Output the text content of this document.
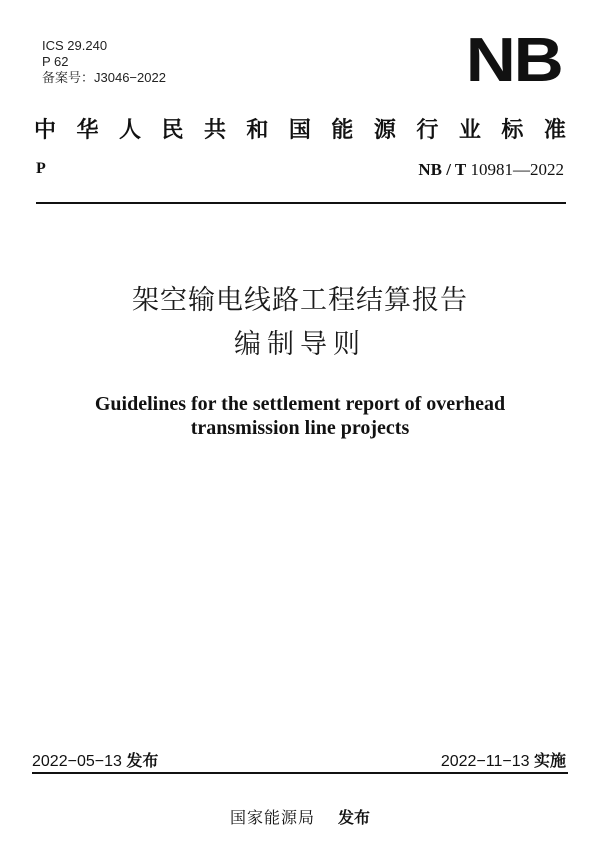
ICS 29.240
P 62
备案号：J3046−2022	NB
中 华 人 民 共 和 国 能 源 行 业 标 准
P	NB / T 10981—2022
架空输电线路工程结算报告
编制导则
Guidelines for the settlement report of overhead
transmission line projects
2022−05−13 发布	2022−11−13 实施
国家能源局 发布
